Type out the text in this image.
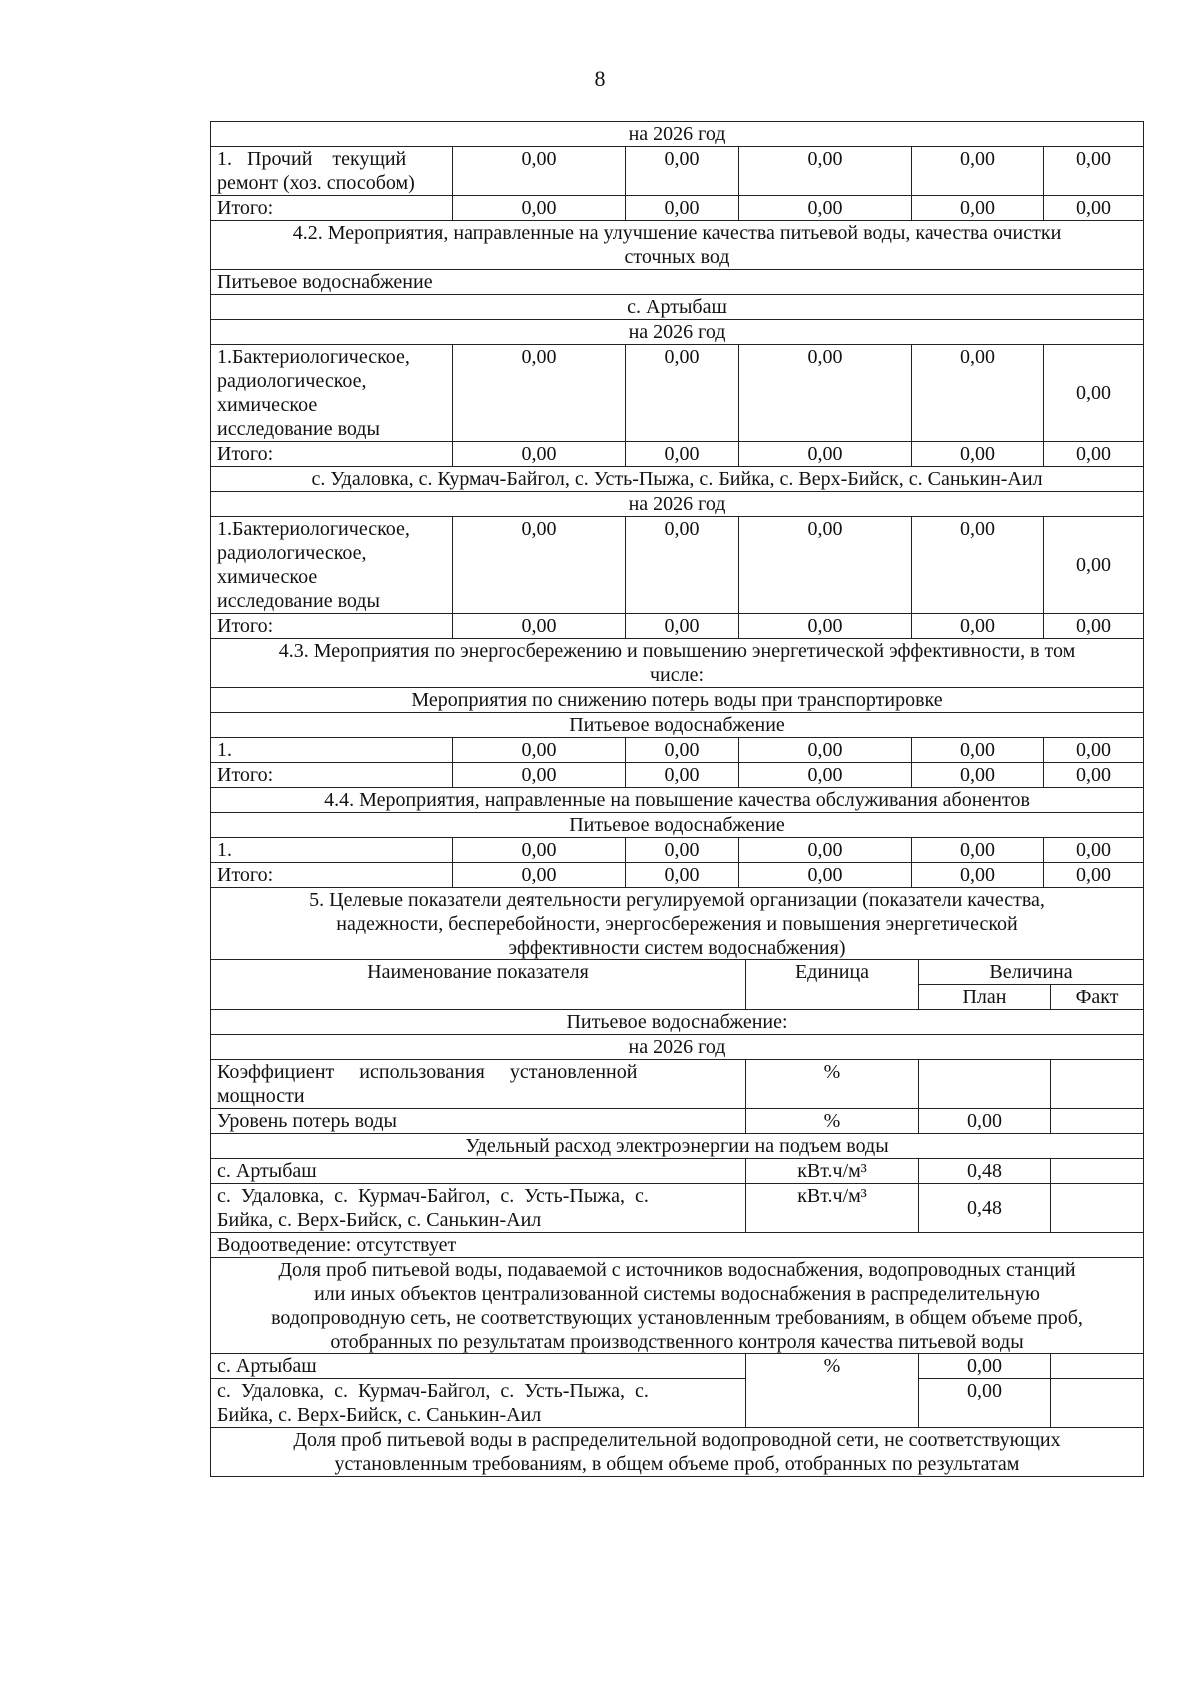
8
на 2026 год					

1.   Прочий    текущий
ремонт (хоз. способом)	0,00	0,00	0,00	0,00	0,00
Итого:	0,00	0,00	0,00	0,00	0,00

4.2. Мероприятия, направленные на улучшение качества питьевой воды, качества очистки
сточных вод					

Питьевое водоснабжение					
с. Артыбаш					
на 2026 год					

1.Бактериологическое,
радиологическое,
химическое
исследование воды	0,00	0,00	0,00	0,00	0,00
Итого:	0,00	0,00	0,00	0,00	0,00
с. Удаловка, с. Курмач-Байгол, с. Усть-Пыжа, с. Бийка, с. Верх-Бийск, с. Санькин-Аил					
на 2026 год					

1.Бактериологическое,
радиологическое,
химическое
исследование воды	0,00	0,00	0,00	0,00	0,00
Итого:	0,00	0,00	0,00	0,00	0,00

4.3. Мероприятия по энергосбережению и повышению энергетической эффективности, в том
числе:					

Мероприятия по снижению потерь воды при транспортировке					
Питьевое водоснабжение					
1.	0,00	0,00	0,00	0,00	0,00
Итого:	0,00	0,00	0,00	0,00	0,00
4.4. Мероприятия, направленные на повышение качества обслуживания абонентов					
Питьевое водоснабжение					
1.	0,00	0,00	0,00	0,00	0,00
Итого:	0,00	0,00	0,00	0,00	0,00

5. Целевые показатели деятельности регулируемой организации (показатели качества,
надежности, бесперебойности, энергосбережения и повышения энергетической
эффективности систем водоснабжения)					
Наименование показателя	Единица	Величина	
		План	Факт
Питьевое водоснабжение:			
на 2026 год			

Коэффициент     использования     установленной
мощности	%		
Уровень потерь воды	%	0,00	
Удельный расход электроэнергии на подъем воды			
с. Артыбаш	кВт.ч/м³	0,48	

с.  Удаловка,  с.  Курмач-Байгол,  с.  Усть-Пыжа,  с.
Бийка, с. Верх-Бийск, с. Санькин-Аил	кВт.ч/м³	0,48	
Водоотведение: отсутствует			

Доля проб питьевой воды, подаваемой с источников водоснабжения, водопроводных станций
или иных объектов централизованной системы водоснабжения в распределительную
водопроводную сеть, не соответствующих установленным требованиям, в общем объеме проб,
отобранных по результатам производственного контроля качества питьевой воды			
с. Артыбаш	%	0,00	

с.  Удаловка,  с.  Курмач-Байгол,  с.  Усть-Пыжа,  с.
Бийка, с. Верх-Бийск, с. Санькин-Аил		0,00	

Доля проб питьевой воды в распределительной водопроводной сети, не соответствующих
установленным требованиям, в общем объеме проб, отобранных по результатам			
